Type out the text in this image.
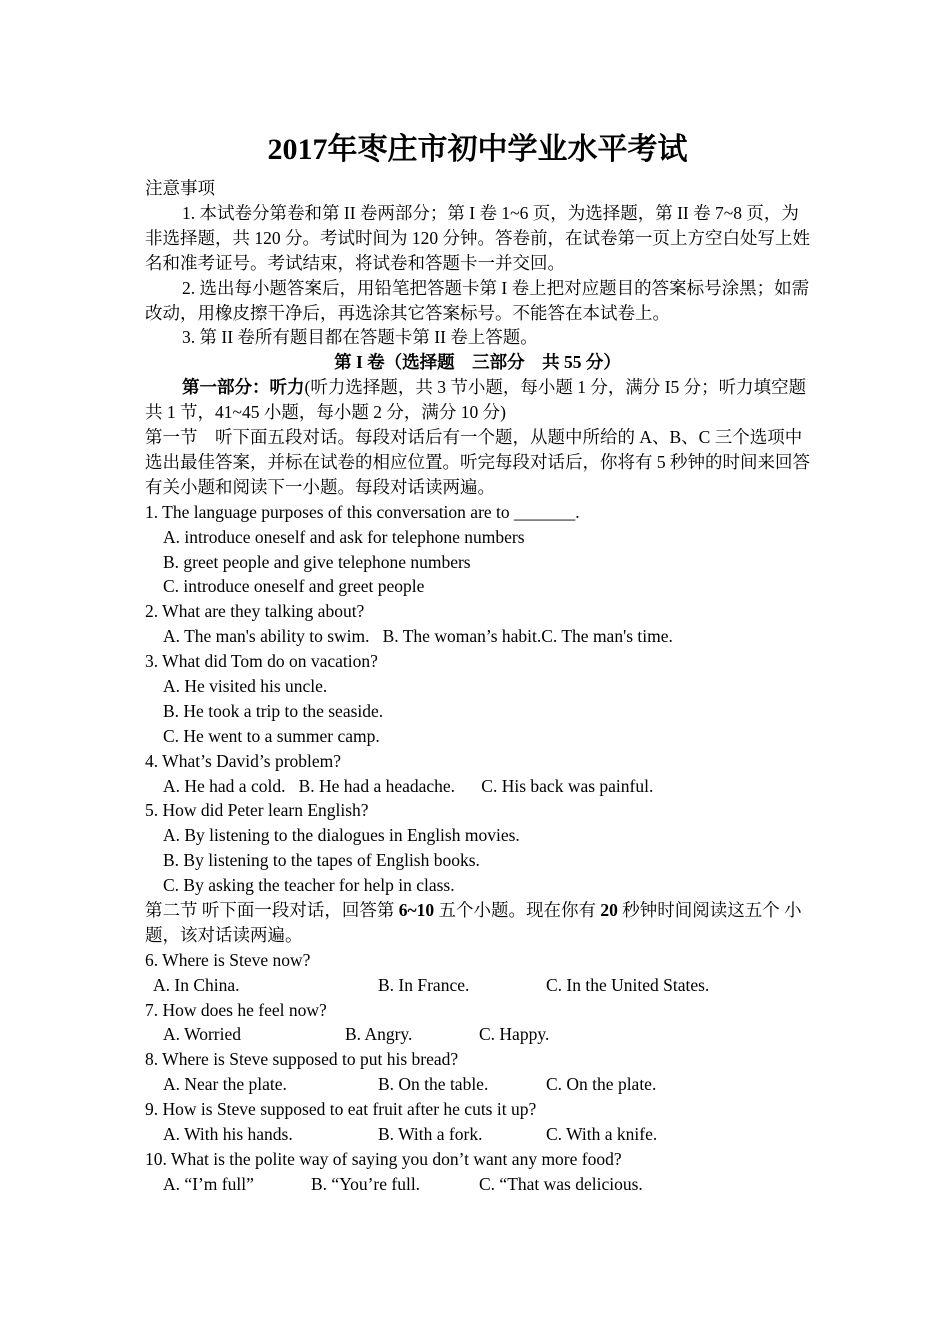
2017年枣庄市初中学业水平考试
注意事项
1. 本试卷分第卷和第 II 卷两部分；第 I 卷 1~6 页，为选择题，第 II 卷 7~8 页，为非选择题，共 120 分。考试时间为 120 分钟。答卷前，在试卷第一页上方空白处写上姓名和准考证号。考试结束，将试卷和答题卡一并交回。
2. 选出每小题答案后，用铅笔把答题卡第 I 卷上把对应题目的答案标号涂黑；如需改动，用橡皮擦干净后，再选涂其它答案标号。不能答在本试卷上。
3. 第 II 卷所有题目都在答题卡第 II 卷上答题。
第 I 卷（选择题　三部分　共 55 分）
第一部分：听力(听力选择题，共 3 节小题，每小题 1 分，满分 I5 分；听力填空题 共 1 节，41~45 小题，每小题 2 分，满分 10 分)
第一节　听下面五段对话。每段对话后有一个题，从题中所给的 A、B、C 三个选项中 选出最佳答案，并标在试卷的相应位置。听完每段对话后，你将有 5 秒钟的时间来回答有关小题和阅读下一小题。每段对话读两遍。
1. The language purposes of this conversation are to _______.
A. introduce oneself and ask for telephone numbers
B. greet people and give telephone numbers
C. introduce oneself and greet people
2. What are they talking about?
A. The man's ability to swim. B. The woman’s habit.C. The man's time.
3. What did Tom do on vacation?
A. He visited his uncle.
B. He took a trip to the seaside.
C. He went to a summer camp.
4. What’s David’s problem?
A. He had a cold. B. He had a headache. C. His back was painful.
5. How did Peter learn English?
A. By listening to the dialogues in English movies.
B. By listening to the tapes of English books.
C. By asking the teacher for help in class.
第二节 听下面一段对话，回答第 6~10 五个小题。现在你有 20 秒钟时间阅读这五个 小题，该对话读两遍。
6. Where is Steve now?
A. In China.	B. In France.	C. In the United States.
7. How does he feel now?
A. Worried	B. Angry.	C. Happy.
8. Where is Steve supposed to put his bread?
A. Near the plate.	B. On the table.	C. On the plate.
9. How is Steve supposed to eat fruit after he cuts it up?
A. With his hands.	B. With a fork.	C. With a knife.
10. What is the polite way of saying you don’t want any more food?
A. “I’m full”	B. “You’re full.	C. “That was delicious.
